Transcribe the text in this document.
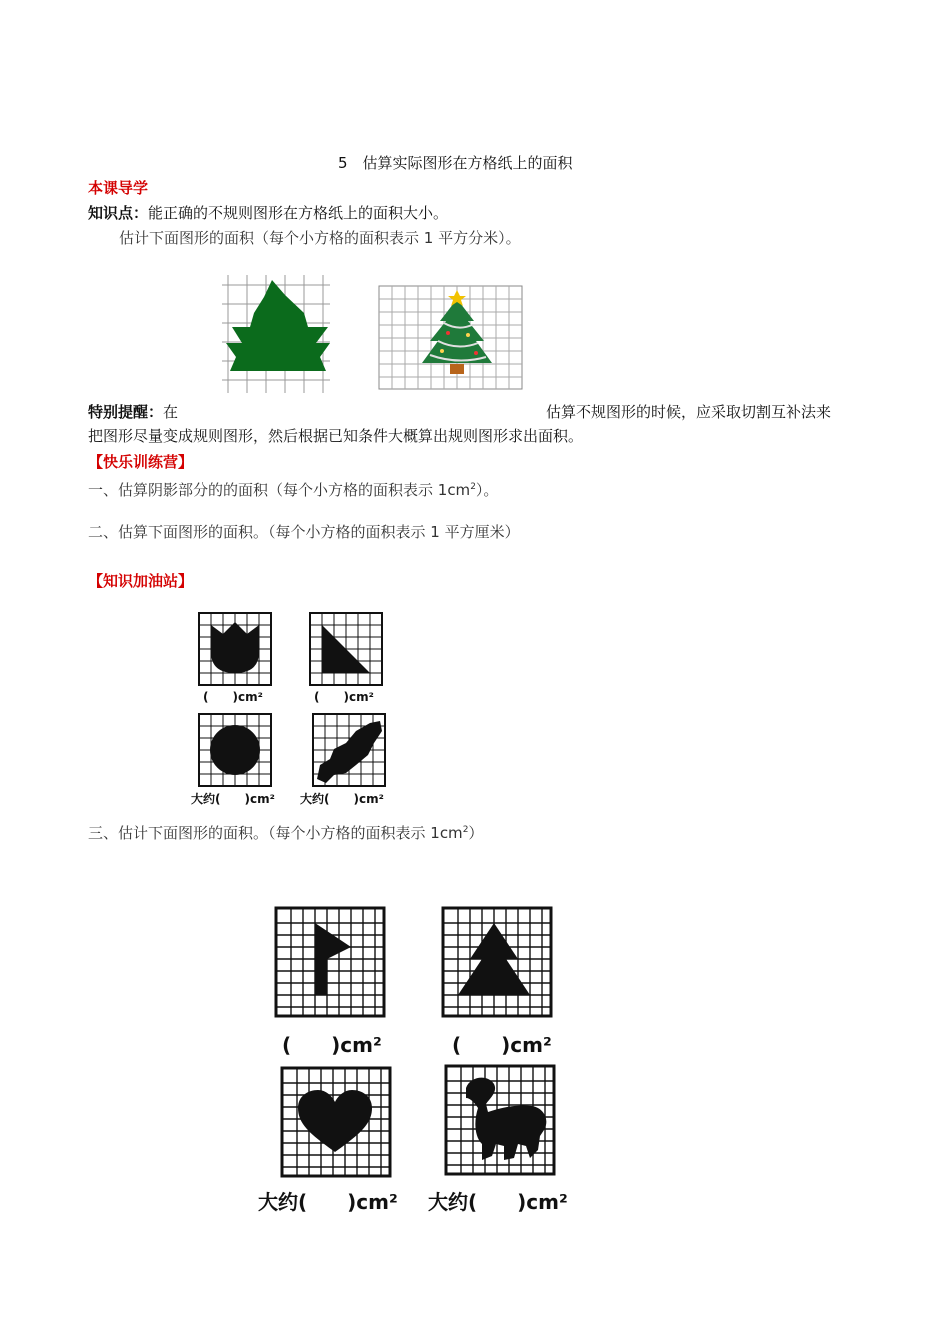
5　估算实际图形在方格纸上的面积
本课导学
知识点：能正确的不规则图形在方格纸上的面积大小。
估计下面图形的面积（每个小方格的面积表示 1 平方分米）。
特别提醒：在	估算不规图形的时候，应采取切割互补法来
把图形尽量变成规则图形，然后根据已知条件大概算出规则图形求出面积。
【快乐训练营】
一、估算阴影部分的的面积（每个小方格的面积表示 $1cm^2$）。
二、估算下面图形的面积。（每个小方格的面积表示 1 平方厘米）
【知识加油站】
(　　)cm²	(　　)cm²
大约(　　)cm² 大约(　　)cm²
三、估计下面图形的面积。（每个小方格的面积表示 $1cm^2$）
(　　)cm²	(　　)cm²
大约(　　)cm² 大约(　　)cm²
